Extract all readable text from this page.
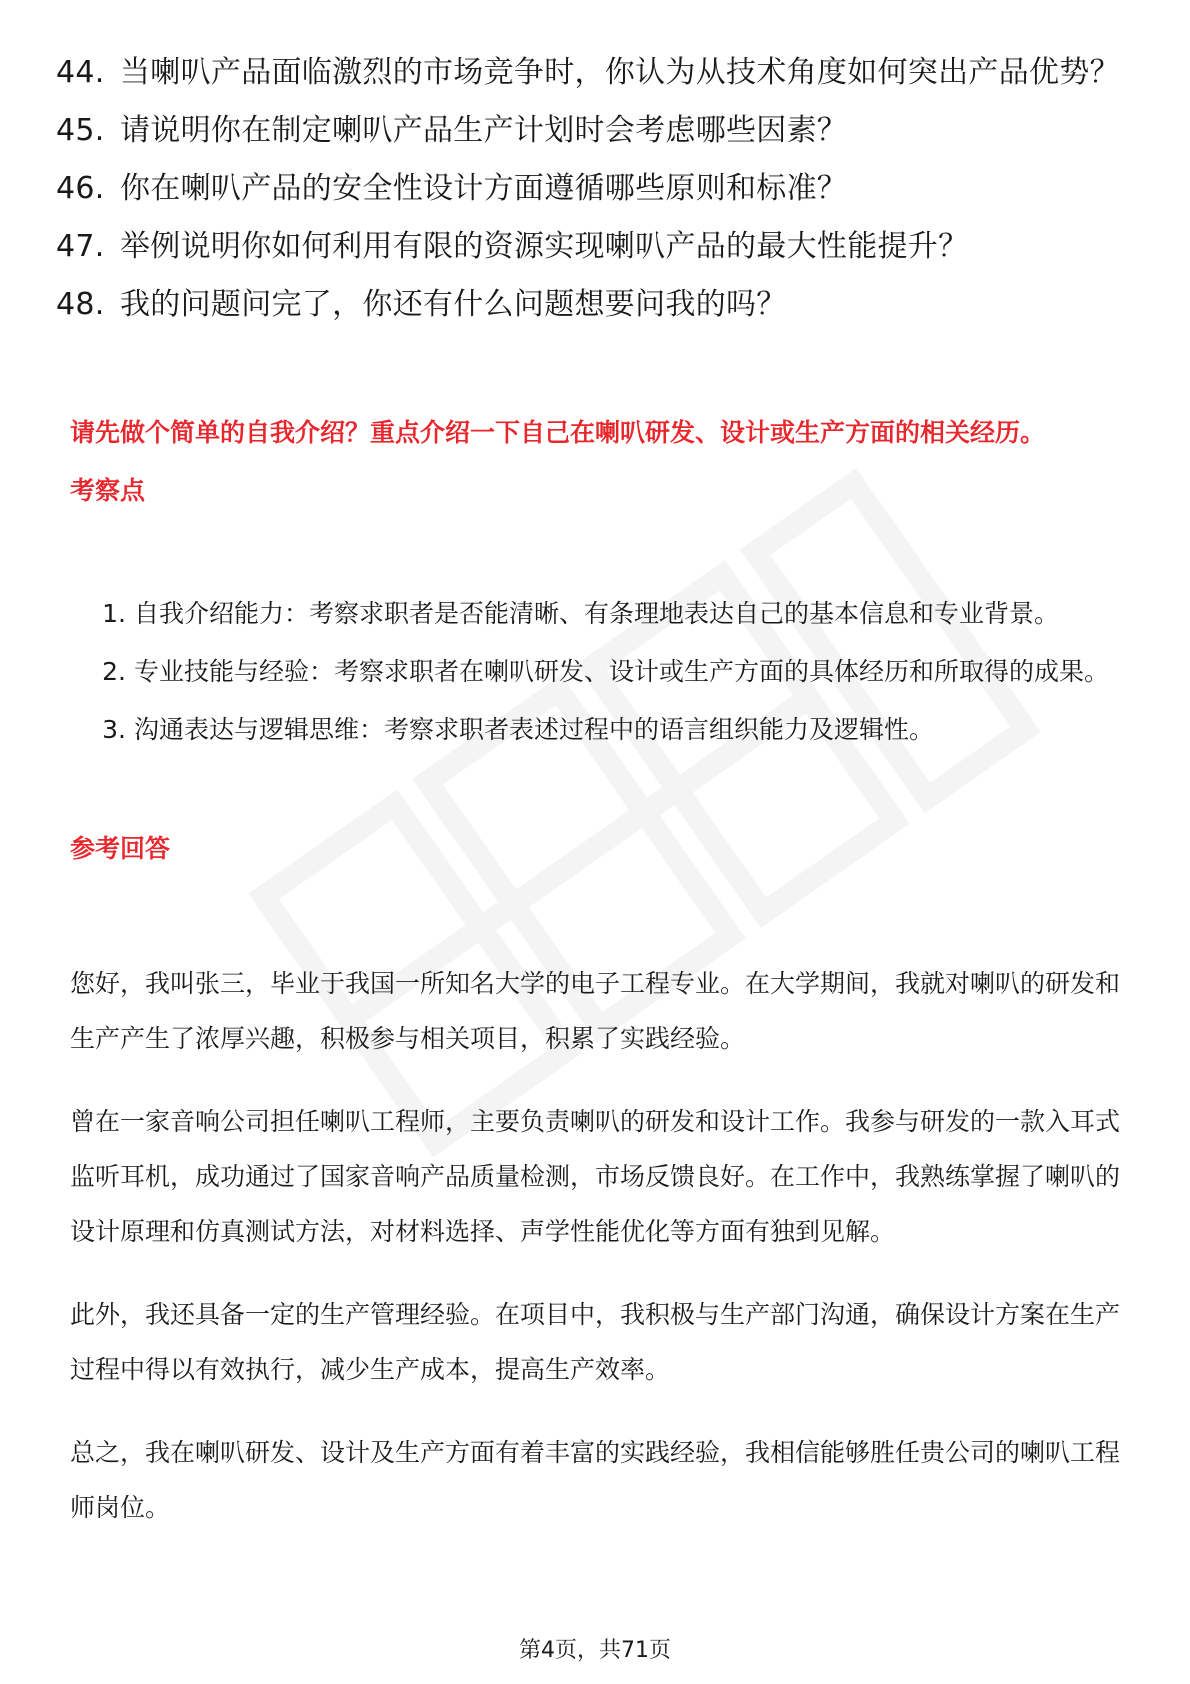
44. 当喇叭产品面临激烈的市场竞争时，你认为从技术角度如何突出产品优势？
45. 请说明你在制定喇叭产品生产计划时会考虑哪些因素？
46. 你在喇叭产品的安全性设计方面遵循哪些原则和标准？
47. 举例说明你如何利用有限的资源实现喇叭产品的最大性能提升？
48. 我的问题问完了，你还有什么问题想要问我的吗？
请先做个简单的自我介绍？重点介绍一下自己在喇叭研发、设计或生产方面的相关经历。
考察点
1. 自我介绍能力：考察求职者是否能清晰、有条理地表达自己的基本信息和专业背景。
2. 专业技能与经验：考察求职者在喇叭研发、设计或生产方面的具体经历和所取得的成果。
3. 沟通表达与逻辑思维：考察求职者表述过程中的语言组织能力及逻辑性。
参考回答

您好，我叫张三，毕业于我国一所知名大学的电子工程专业。在大学期间，我就对喇叭的研发和生产产生了浓厚兴趣，积极参与相关项目，积累了实践经验。

曾在一家音响公司担任喇叭工程师，主要负责喇叭的研发和设计工作。我参与研发的一款入耳式监听耳机，成功通过了国家音响产品质量检测，市场反馈良好。在工作中，我熟练掌握了喇叭的设计原理和仿真测试方法，对材料选择、声学性能优化等方面有独到见解。

此外，我还具备一定的生产管理经验。在项目中，我积极与生产部门沟通，确保设计方案在生产过程中得以有效执行，减少生产成本，提高生产效率。

总之，我在喇叭研发、设计及生产方面有着丰富的实践经验，我相信能够胜任贵公司的喇叭工程师岗位。

第4页，共71页
